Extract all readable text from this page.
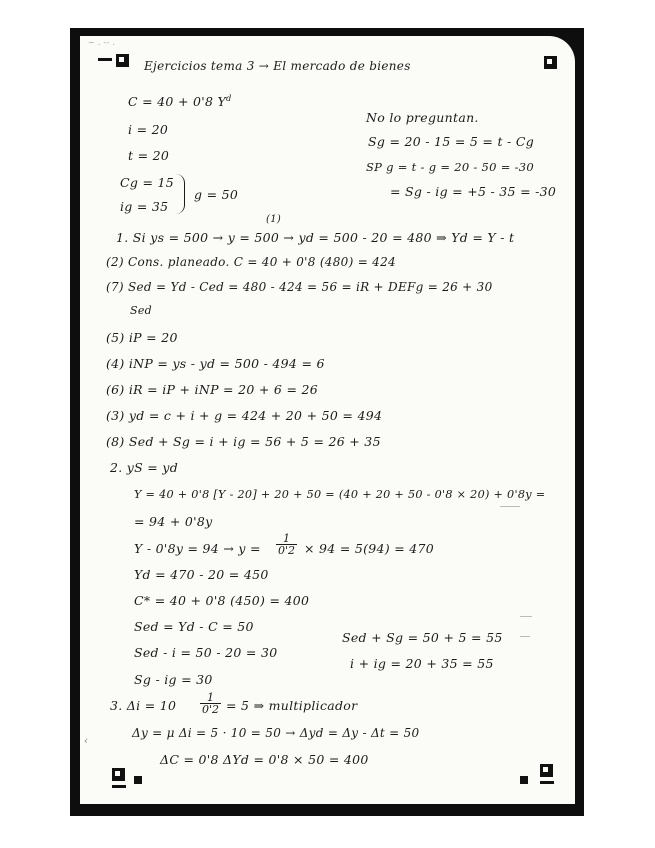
~ . -- .
Ejercicios tema 3 → El mercado de bienes
C = 40 + 0'8 $Y^d$
i = 20
t = 20
Cg = 15
ig = 35
g = 50
No lo preguntan.
Sg = 20 - 15 = 5 = t - Cg
SP g = t - g = 20 - 50 = -30
= Sg - ig = +5 - 35 = -30
(1)
1. Si ys = 500 → y = 500 → yd = 500 - 20 = 480 ⇒ Yd = Y - t
(2) Cons. planeado. C = 40 + 0'8 (480) = 424
(7) Sed = Yd - Ced = 480 - 424 = 56 = iR + DEFg = 26 + 30
Sed
(5) iP = 20
(4) iNP = ys - yd = 500 - 494 = 6
(6) iR = iP + iNP = 20 + 6 = 26
(3) yd = c + i + g = 424 + 20 + 50 = 494
(8) Sed + Sg = i + ig = 56 + 5 = 26 + 35
2. yS = yd
Y = 40 + 0'8 [Y - 20] + 20 + 50 = (40 + 20 + 50 - 0'8 × 20) + 0'8y =
= 94 + 0'8y
$Y - 0'8y = 94 \to y = \frac{1}{0'2} \times 94 = 5(94) = 470$
Yd = 470 - 20 = 450
C* = 40 + 0'8 (450) = 400
Sed = Yd - C = 50
Sed - i = 50 - 20 = 30
Sg - ig = 30
Sed + Sg = 50 + 5 = 55
i + ig = 20 + 35 = 55
3. $\Delta i = 10 \frac{1}{0'2} = 5$ ⇒ multiplicador
Δy = μ Δi = 5 · 10 = 50 → Δyd = Δy - Δt = 50
ΔC = 0'8 ΔYd = 0'8 × 50 = 400
‹
